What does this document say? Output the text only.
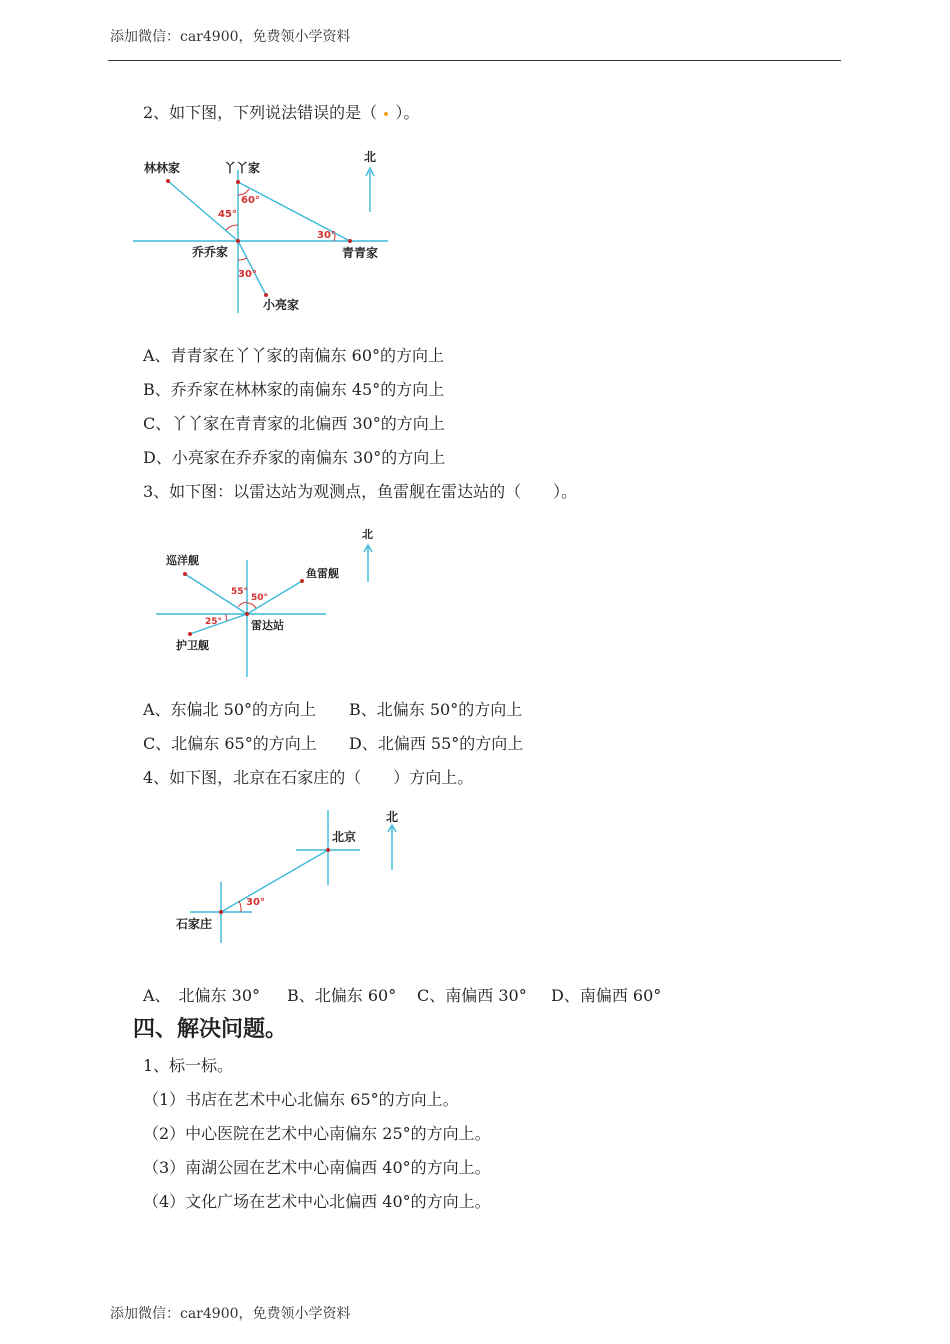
添加微信：car4900，免费领小学资料
添加微信：car4900，免费领小学资料
2、如下图，下列说法错误的是（ ）。
北
林林家	丫丫家
乔乔家	青青家
小亮家
60°
45°
30°
30°
A、青青家在丫丫家的南偏东 60°的方向上
B、乔乔家在林林家的南偏东 45°的方向上
C、丫丫家在青青家的北偏西 30°的方向上
D、小亮家在乔乔家的南偏东 30°的方向上
3、如下图：以雷达站为观测点，鱼雷舰在雷达站的（　　）。
北
巡洋舰
鱼雷舰
雷达站
护卫舰
55°
50°
25°
A、东偏北 50°的方向上 B、北偏东 50°的方向上
C、北偏东 65°的方向上 D、北偏西 55°的方向上
4、如下图，北京在石家庄的（　　）方向上。
北
北京
石家庄
30°
A、　北偏东 30° B、北偏东 60° C、南偏西 30° D、南偏西 60°
四、解决问题。
1、标一标。
（1）书店在艺术中心北偏东 65°的方向上。
（2）中心医院在艺术中心南偏东 25°的方向上。
（3）南湖公园在艺术中心南偏西 40°的方向上。
（4）文化广场在艺术中心北偏西 40°的方向上。
